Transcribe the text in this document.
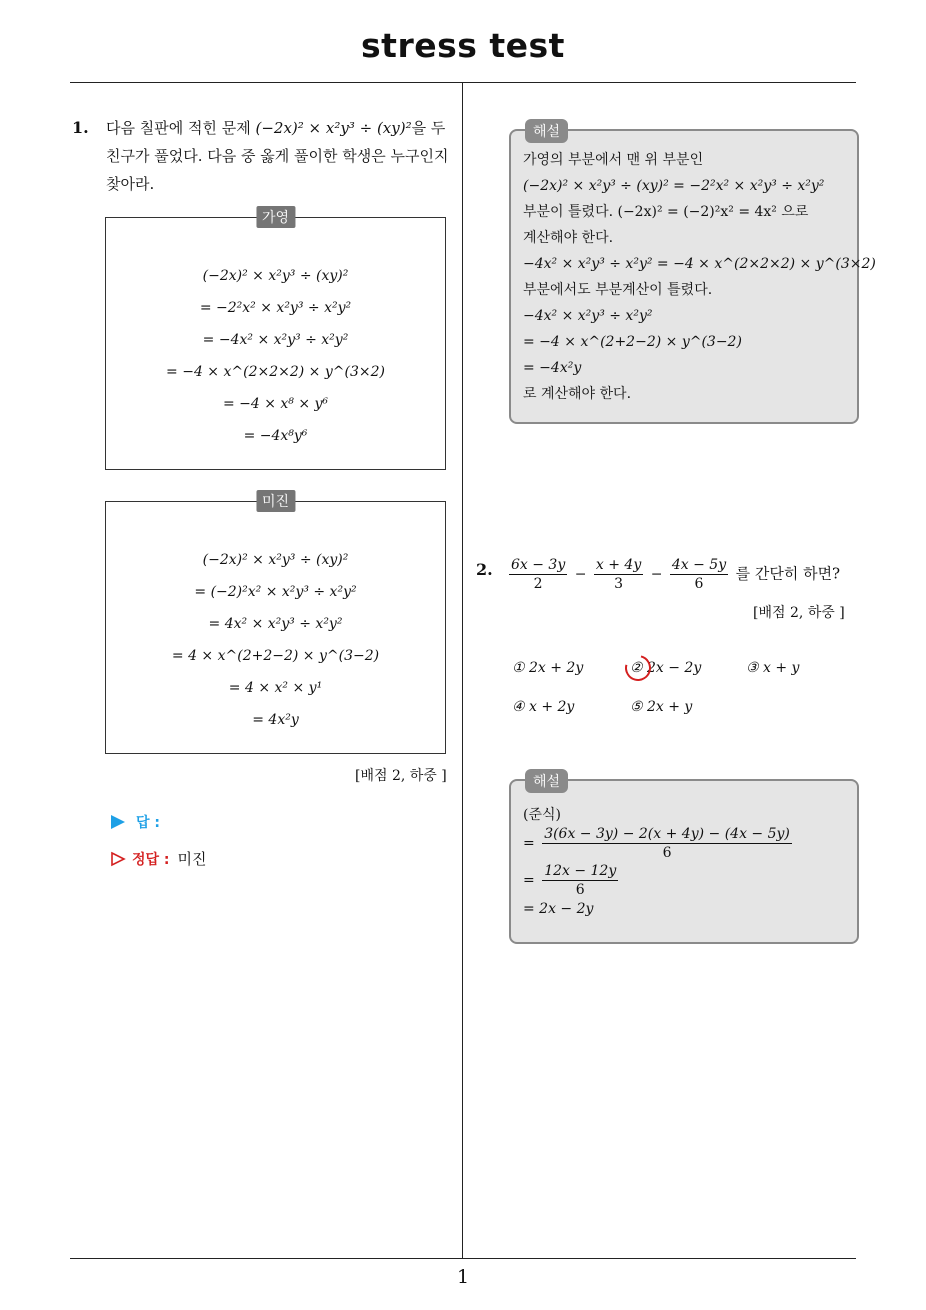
stress test
1
1. 다음 칠판에 적힌 문제 (−2x)² × x²y³ ÷ (xy)²을 두
친구가 풀었다. 다음 중 옳게 풀이한 학생은 누구인지
찾아라.
가영
(−2x)² × x²y³ ÷ (xy)²
= −2²x² × x²y³ ÷ x²y²
= −4x² × x²y³ ÷ x²y²
= −4 × x^(2×2×2) × y^(3×2)
= −4 × x⁸ × y⁶
= −4x⁸y⁶
미진
(−2x)² × x²y³ ÷ (xy)²
= (−2)²x² × x²y³ ÷ x²y²
= 4x² × x²y³ ÷ x²y²
= 4 × x^(2+2−2) × y^(3−2)
= 4 × x² × y¹
= 4x²y
[배점 2, 하중 ]
답 :
정답 : 미진
해설
가영의 부분에서 맨 위 부분인
(−2x)² × x²y³ ÷ (xy)² = −2²x² × x²y³ ÷ x²y²
부분이 틀렸다. (−2x)² = (−2)²x² = 4x² 으로
계산해야 한다.
−4x² × x²y³ ÷ x²y² = −4 × x^(2×2×2) × y^(3×2)
부분에서도 부분계산이 틀렸다.
−4x² × x²y³ ÷ x²y²
= −4 × x^(2+2−2) × y^(3−2)
= −4x²y
로 계산해야 한다.
2. $\frac{6x - 3y}{2} - \frac{x + 4y}{3} - \frac{4x - 5y}{6}$ 를 간단히 하면?
[배점 2, 하중 ]
① 2x + 2y	② 2x − 2y	③ x + y
④ x + 2y	⑤ 2x + y
해설
(준식)
= $\frac{3(6x - 3y) - 2(x + 4y) - (4x - 5y)}{6}$
= $\frac{12x - 12y}{6}$
= 2x − 2y
